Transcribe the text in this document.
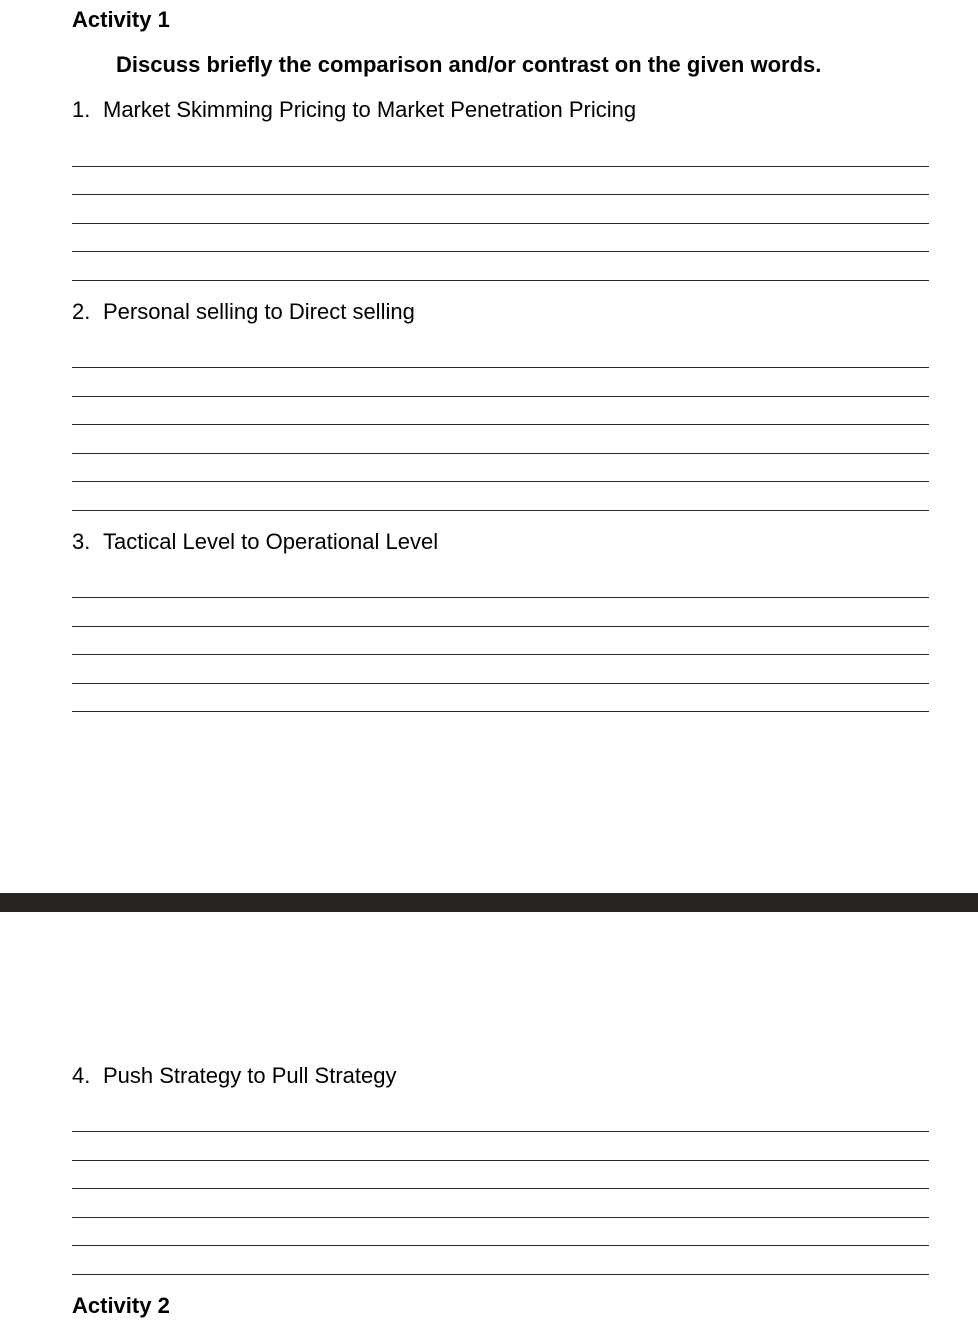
Activity 1
Discuss briefly the comparison and/or contrast on the given words.
1. Market Skimming Pricing to Market Penetration Pricing
2. Personal selling to Direct selling
3. Tactical Level to Operational Level
4. Push Strategy to Pull Strategy
Activity 2
